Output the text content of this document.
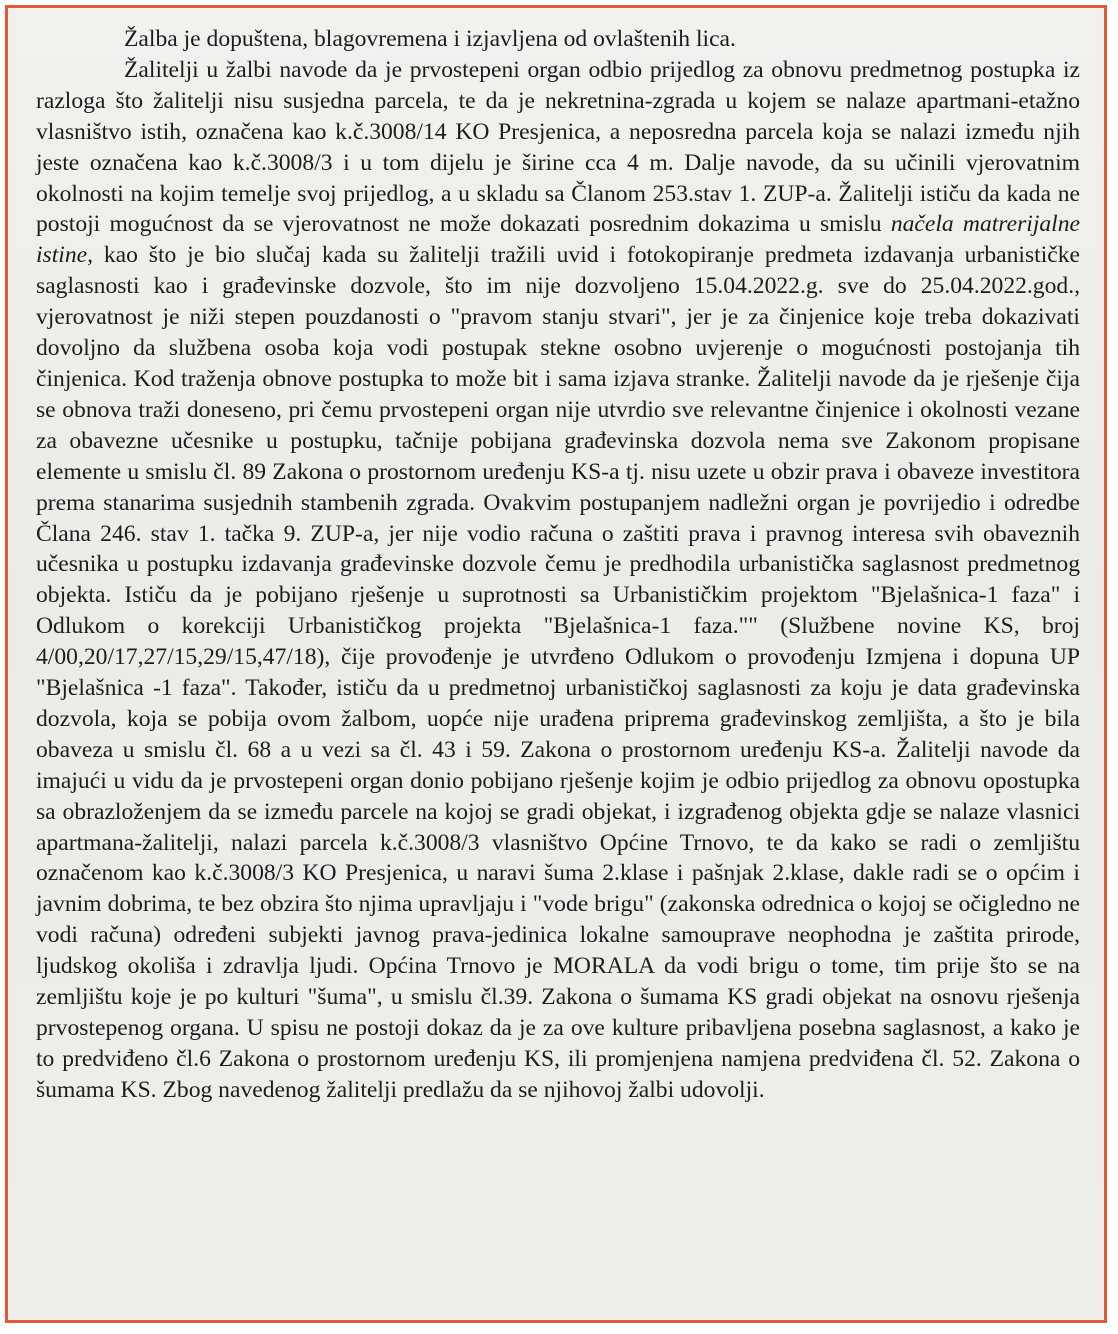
Žalba je dopuštena, blagovremena i izjavljena od ovlaštenih lica.

Žalitelji u žalbi navode da je prvostepeni organ odbio prijedlog za obnovu predmetnog postupka iz razloga što žalitelji nisu susjedna parcela, te da je nekretnina-zgrada u kojem se nalaze apartmani-etažno vlasništvo istih, označena kao k.č.3008/14 KO Presjenica, a neposredna parcela koja se nalazi između njih jeste označena kao k.č.3008/3 i u tom dijelu je širine cca 4 m. Dalje navode, da su učinili vjerovatnim okolnosti na kojim temelje svoj prijedlog, a u skladu sa Članom 253.stav 1. ZUP-a. Žalitelji ističu da kada ne postoji mogućnost da se vjerovatnost ne može dokazati posrednim dokazima u smislu načela matrerijalne istine, kao što je bio slučaj kada su žalitelji tražili uvid i fotokopiranje predmeta izdavanja urbanističke saglasnosti kao i građevinske dozvole, što im nije dozvoljeno 15.04.2022.g. sve do 25.04.2022.god., vjerovatnost je niži stepen pouzdanosti o "pravom stanju stvari", jer je za činjenice koje treba dokazivati dovoljno da službena osoba koja vodi postupak stekne osobno uvjerenje o mogućnosti postojanja tih činjenica. Kod traženja obnove postupka to može bit i sama izjava stranke. Žalitelji navode da je rješenje čija se obnova traži doneseno, pri čemu prvostepeni organ nije utvrdio sve relevantne činjenice i okolnosti vezane za obavezne učesnike u postupku, tačnije pobijana građevinska dozvola nema sve Zakonom propisane elemente u smislu čl. 89 Zakona o prostornom uređenju KS-a tj. nisu uzete u obzir prava i obaveze investitora prema stanarima susjednih stambenih zgrada. Ovakvim postupanjem nadležni organ je povrijedio i odredbe Člana 246. stav 1. tačka 9. ZUP-a, jer nije vodio računa o zaštiti prava i pravnog interesa svih obaveznih učesnika u postupku izdavanja građevinske dozvole čemu je predhodila urbanistička saglasnost predmetnog objekta. Ističu da je pobijano rješenje u suprotnosti sa Urbanističkim projektom "Bjelašnica-1 faza" i Odlukom o korekciji Urbanističkog projekta "Bjelašnica-1 faza."" (Službene novine KS, broj 4/00,20/17,27/15,29/15,47/18), čije provođenje je utvrđeno Odlukom o provođenju Izmjena i dopuna UP "Bjelašnica -1 faza". Također, ističu da u predmetnoj urbanističkoj saglasnosti za koju je data građevinska dozvola, koja se pobija ovom žalbom, uopće nije urađena priprema građevinskog zemljišta, a što je bila obaveza u smislu čl. 68 a u vezi sa čl. 43 i 59. Zakona o prostornom uređenju KS-a. Žalitelji navode da imajući u vidu da je prvostepeni organ donio pobijano rješenje kojim je odbio prijedlog za obnovu opostupka sa obrazloženjem da se između parcele na kojoj se gradi objekat, i izgrađenog objekta gdje se nalaze vlasnici apartmana-žalitelji, nalazi parcela k.č.3008/3 vlasništvo Općine Trnovo, te da kako se radi o zemljištu označenom kao k.č.3008/3 KO Presjenica, u naravi šuma 2.klase i pašnjak 2.klase, dakle radi se o općim i javnim dobrima, te bez obzira što njima upravljaju i "vode brigu" (zakonska odrednica o kojoj se očigledno ne vodi računa) određeni subjekti javnog prava-jedinica lokalne samouprave neophodna je zaštita prirode, ljudskog okoliša i zdravlja ljudi. Općina Trnovo je MORALA da vodi brigu o tome, tim prije što se na zemljištu koje je po kulturi "šuma", u smislu čl.39. Zakona o šumama KS gradi objekat na osnovu rješenja prvostepenog organa. U spisu ne postoji dokaz da je za ove kulture pribavljena posebna saglasnost, a kako je to predviđeno čl.6 Zakona o prostornom uređenju KS, ili promjenjena namjena predviđena čl. 52. Zakona o šumama KS. Zbog navedenog žalitelji predlažu da se njihovoj žalbi udovolji.
